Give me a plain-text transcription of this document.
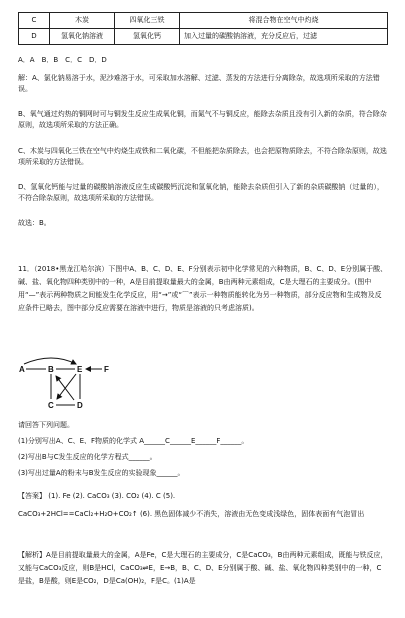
C	木炭	四氧化三铁	将混合物在空气中灼烧
D	氢氧化钠溶液	氢氧化钙	加入过量的碳酸钠溶液，充分反应后，过滤
A．A　B．B　C．C　D．D
解：A、氯化钠易溶于水，泥沙难溶于水，可采取加水溶解、过滤、蒸发的方法进行分离除杂，故选项所采取的方法错误。
B、氧气通过灼热的铜网时可与铜发生反应生成氧化铜，而氮气不与铜反应，能除去杂质且没有引入新的杂质，符合除杂原则，故选项所采取的方法正确。
C、木炭与四氧化三铁在空气中灼烧生成铁和二氧化碳，不但能把杂质除去，也会把原物质除去，不符合除杂原则，故选项所采取的方法错误。
D、氢氧化钙能与过量的碳酸钠溶液反应生成碳酸钙沉淀和氢氧化钠，能除去杂质但引入了新的杂质碳酸钠（过量的），不符合除杂原则，故选项所采取的方法错误。
故选：B。
11．（2018•黑龙江哈尔滨）下图中A、B、C、D、E、F分别表示初中化学常见的六种物质，B、C、D、E分别属于酸、碱、盐、氧化物四种类别中的一种，A是目前提取量最大的金属，B由两种元素组成，C是大理石的主要成分。(图中用“—”表示两种物质之间能发生化学反应，用“→”或“⌒”表示一种物质能转化为另一种物质，部分反应物和生成物及反应条件已略去，图中部分反应需要在溶液中进行，物质是溶液的只考虑溶质)。
A	B	E	F
C	D
请回答下列问题。
(1)分别写出A、C、E、F物质的化学式 A______C______E______F______。
(2)写出B与C发生反应的化学方程式______。
(3)写出过量A的粉末与B发生反应的实验现象______。
【答案】 (1). Fe (2). CaCO₃ (3). CO₂ (4). C (5).
CaCO₃+2HCl==CaCl₂+H₂O+CO₂↑ (6). 黑色固体减少不消失，溶液由无色变成浅绿色，固体表面有气泡冒出
【解析】A是目前提取量最大的金属，A是Fe，C是大理石的主要成分，C是CaCO₃，B由两种元素组成，既能与铁反应，又能与CaCO₃反应，则B是HCl，CaCO₃⇌E，E→B，B、C、D、E分别属于酸、碱、盐、氧化物四种类别中的一种，C是盐，B是酸，则E是CO₂，D是Ca(OH)₂，F是C。(1)A是
